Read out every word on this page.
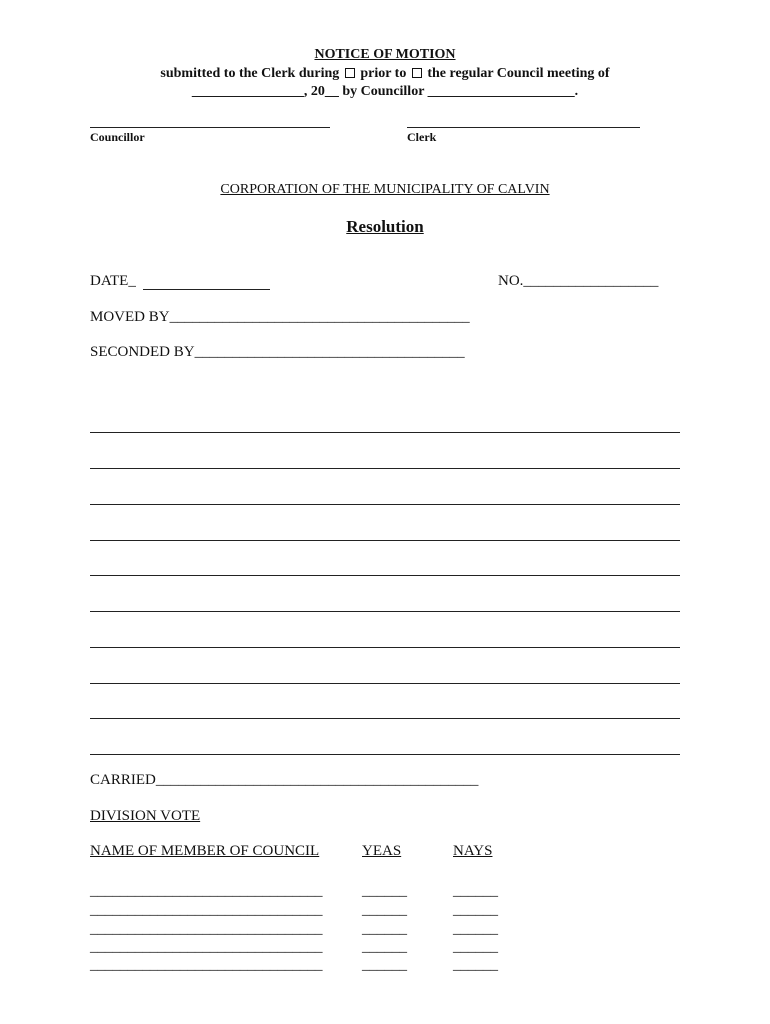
NOTICE OF MOTION
submitted to the Clerk during prior to the regular Council meeting of
________________, 20__ by Councillor _____________________.
Councillor	Clerk
CORPORATION OF THE MUNICIPALITY OF CALVIN
Resolution
DATE_	NO.__________________
MOVED BY________________________________________
SECONDED BY____________________________________
CARRIED___________________________________________
DIVISION VOTE
NAME OF MEMBER OF COUNCIL	YEAS	NAYS
_______________________________	______	______
_______________________________	______	______
_______________________________	______	______
_______________________________	______	______
_______________________________	______	______
